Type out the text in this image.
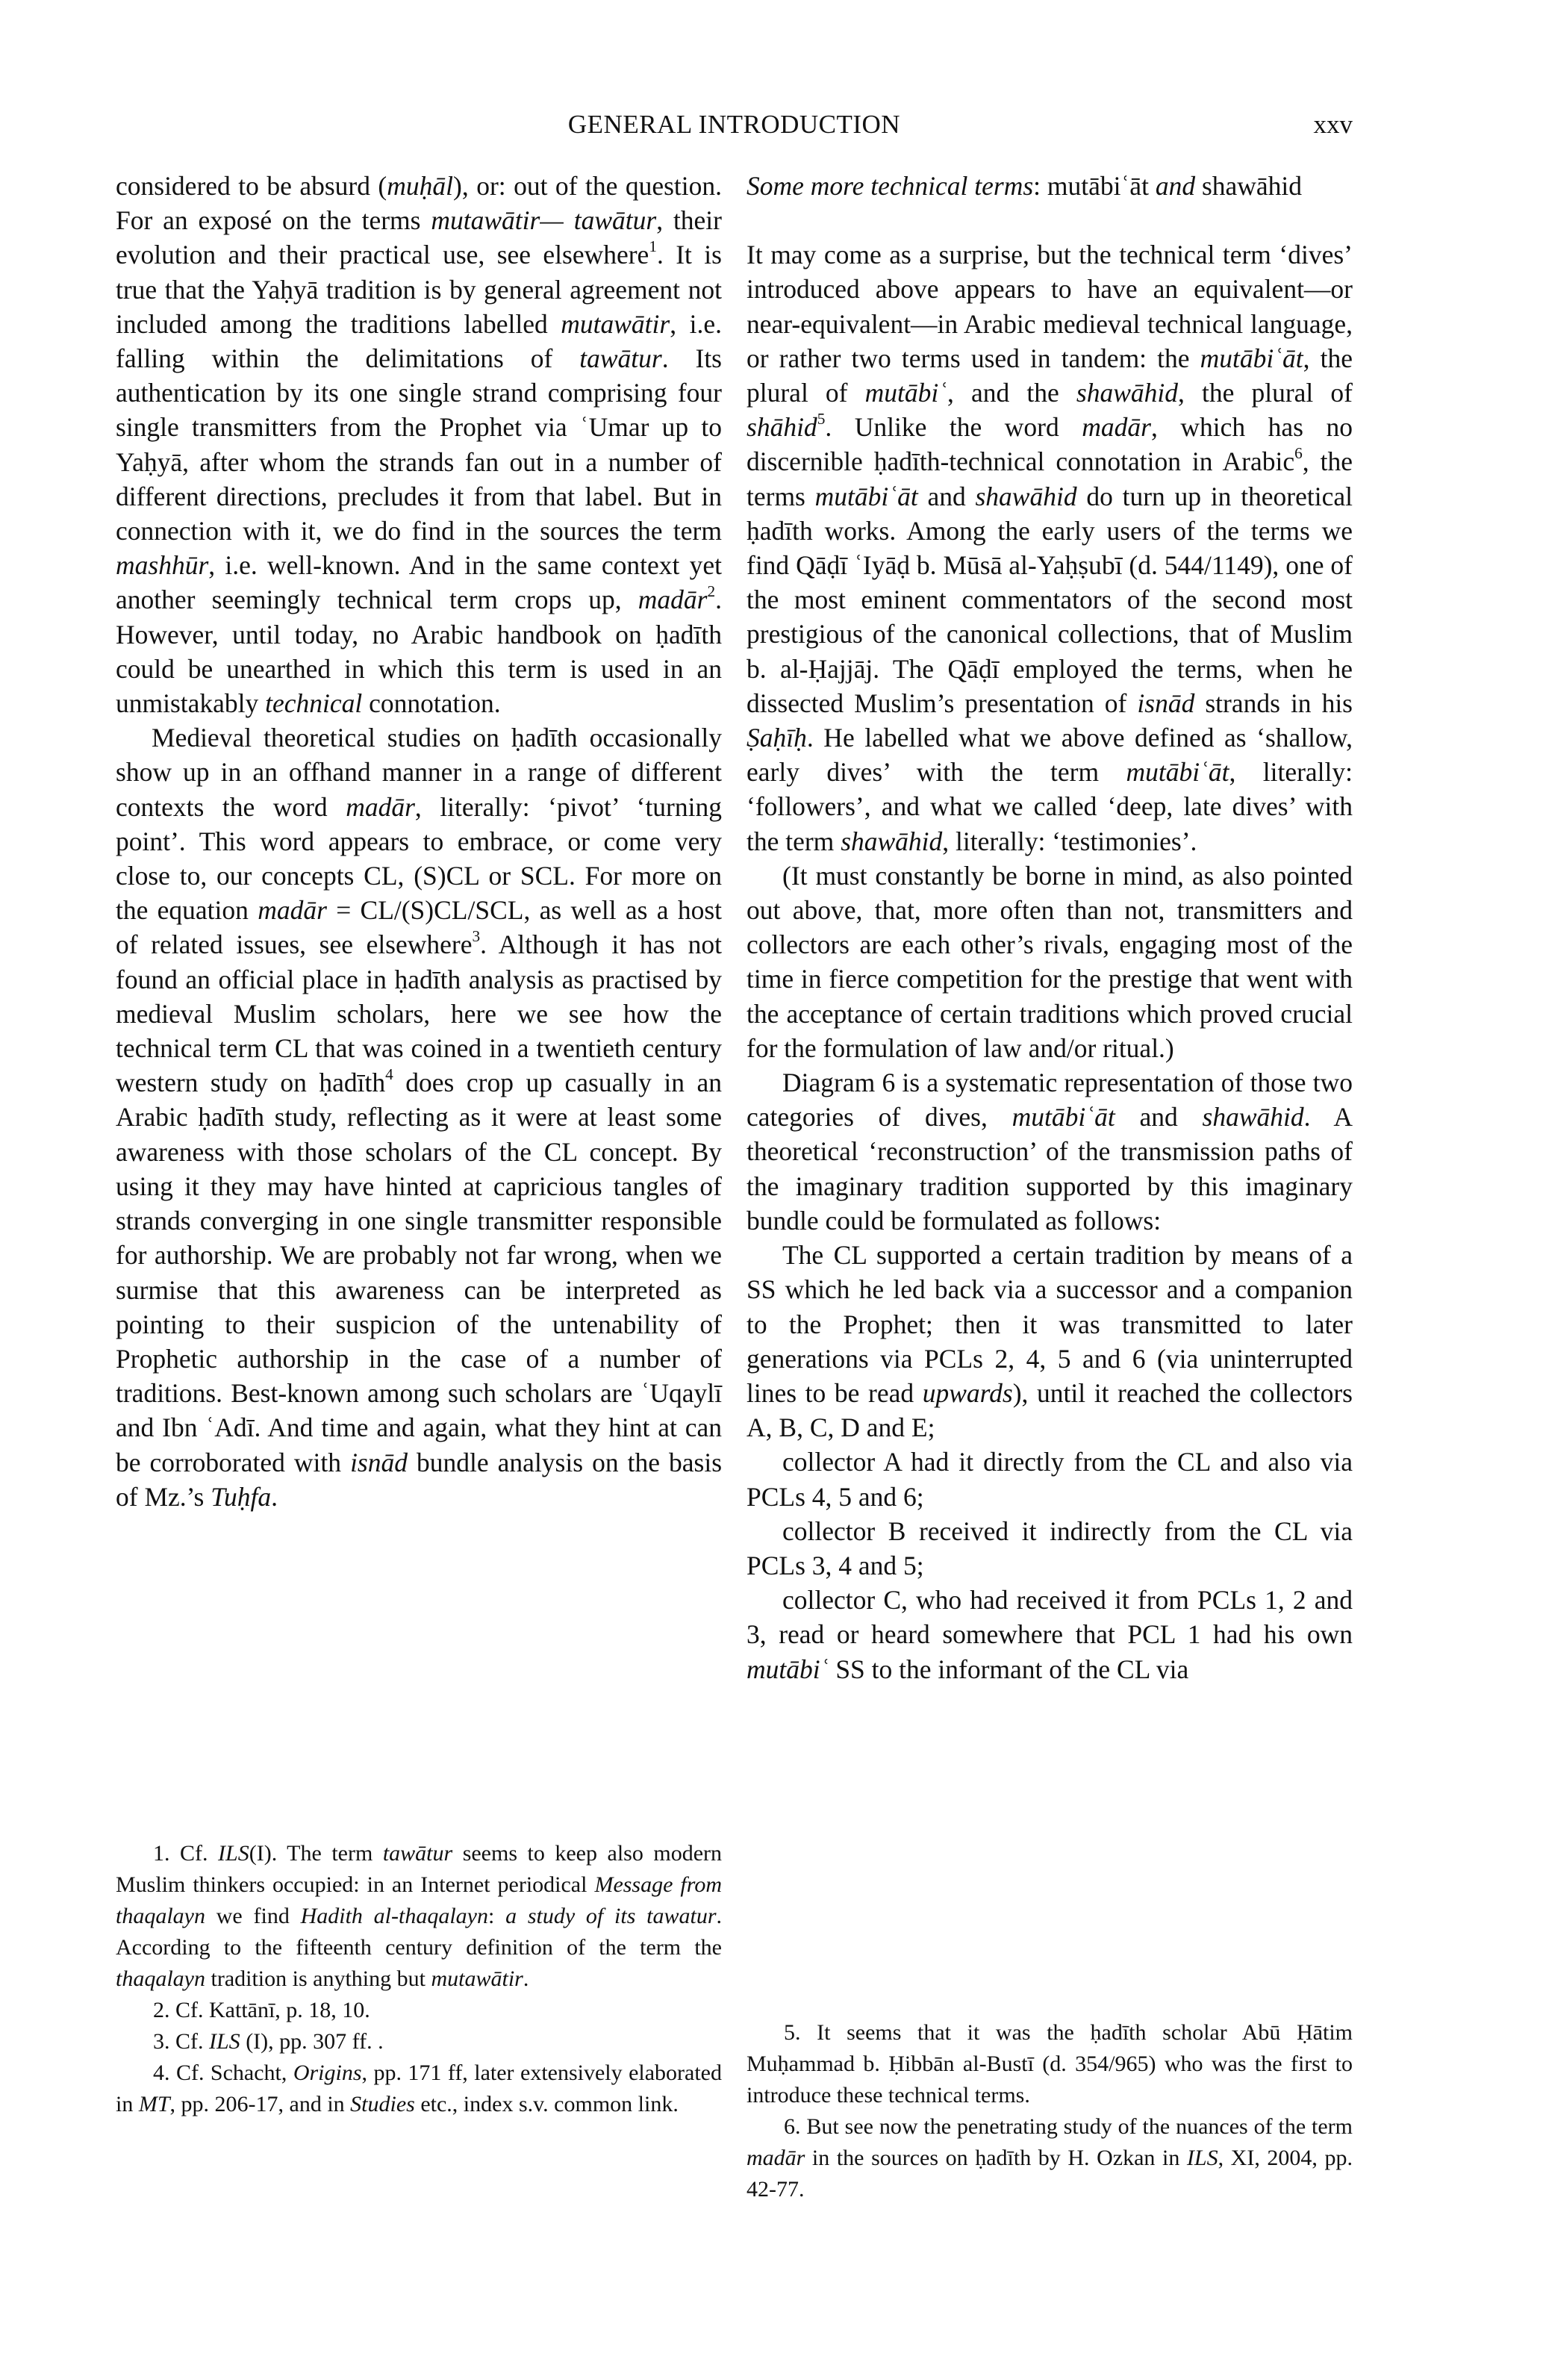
GENERAL INTRODUCTION	xxv

considered to be absurd (muḥāl), or: out of the question. For an exposé on the terms mutawātir— tawātur, their evolution and their practical use, see elsewhere$^1$. It is true that the Yaḥyā tradition is by general agreement not included among the traditions labelled mutawātir, i.e. falling within the delimitations of tawātur. Its authentication by its one single strand comprising four single transmitters from the Prophet via ʿUmar up to Yaḥyā, after whom the strands fan out in a number of different directions, precludes it from that label. But in connection with it, we do find in the sources the term mashhūr, i.e. well-known. And in the same context yet another seemingly technical term crops up, madār$^2$. However, until today, no Arabic handbook on ḥadīth could be unearthed in which this term is used in an unmistakably technical connotation.

Medieval theoretical studies on ḥadīth occasionally show up in an offhand manner in a range of different contexts the word madār, literally: ‘pivot’ ‘turning point’. This word appears to embrace, or come very close to, our concepts CL, (S)CL or SCL. For more on the equation madār = CL/​(S)CL/SCL, as well as a host of related issues, see elsewhere$^3$. Although it has not found an official place in ḥadīth analysis as practised by medieval Muslim scholars, here we see how the technical term CL that was coined in a twentieth century western study on ḥadīth$^4$ does crop up casually in an Arabic ḥadīth study, reflecting as it were at least some awareness with those scholars of the CL concept. By using it they may have hinted at capricious tangles of strands converging in one single transmitter responsible for authorship. We are probably not far wrong, when we surmise that this awareness can be interpreted as pointing to their suspicion of the untenability of Prophetic authorship in the case of a number of traditions. Best-known among such scholars are ʿUqaylī and Ibn ʿAdī. And time and again, what they hint at can be corroborated with isnād bundle analysis on the basis of Mz.’s Tuḥfa.

1. Cf. ILS(I). The term tawātur seems to keep also modern Muslim thinkers occupied: in an Internet periodical Message from thaqalayn we find Hadith al-thaqalayn: a study of its tawatur. According to the fifteenth century definition of the term the thaqalayn tradition is anything but mutawātir.

2. Cf. Kattānī, p. 18, 10.

3. Cf. ILS (I), pp. 307 ff. .

4. Cf. Schacht, Origins, pp. 171 ff, later extensively elaborated in MT, pp. 206-17, and in Studies etc., index s.v. common link.

Some more technical terms: mutābiʿāt and shawāhid

It may come as a surprise, but the technical term ‘dives’ introduced above appears to have an equivalent—or near-equivalent—in Arabic medieval technical language, or rather two terms used in tandem: the mutābiʿāt, the plural of mutābiʿ, and the shawāhid, the plural of shāhid$^5$. Unlike the word madār, which has no discernible ḥadīth-technical connotation in Arabic$^6$, the terms mutābiʿāt and shawāhid do turn up in theoretical ḥadīth works. Among the early users of the terms we find Qāḍī ʿIyāḍ b. Mūsā al-Yaḥṣubī (d. 544/1149), one of the most eminent commentators of the second most prestigious of the canonical collections, that of Muslim b. al-Ḥajjāj. The Qāḍī employed the terms, when he dissected Muslim’s presentation of isnād strands in his Ṣaḥīḥ. He labelled what we above defined as ‘shallow, early dives’ with the term mutābiʿāt, literally: ‘followers’, and what we called ‘deep, late dives’ with the term shawāhid, literally: ‘testimonies’.

(It must constantly be borne in mind, as also pointed out above, that, more often than not, transmitters and collectors are each other’s rivals, engaging most of the time in fierce competition for the prestige that went with the acceptance of certain traditions which proved crucial for the formulation of law and/or ritual.)

Diagram 6 is a systematic representation of those two categories of dives, mutābiʿāt and shawāhid. A theoretical ‘reconstruction’ of the transmission paths of the imaginary tradition supported by this imaginary bundle could be formulated as follows:

The CL supported a certain tradition by means of a SS which he led back via a successor and a companion to the Prophet; then it was transmitted to later generations via PCLs 2, 4, 5 and 6 (via uninterrupted lines to be read upwards), until it reached the collectors A, B, C, D and E;

collector A had it directly from the CL and also via PCLs 4, 5 and 6;

collector B received it indirectly from the CL via PCLs 3, 4 and 5;

collector C, who had received it from PCLs 1, 2 and 3, read or heard somewhere that PCL 1 had his own mutābiʿ SS to the informant of the CL via

5. It seems that it was the ḥadīth scholar Abū Ḥātim Muḥammad b. Ḥibbān al-Bustī (d. 354/965) who was the first to introduce these technical terms.

6. But see now the penetrating study of the nuances of the term madār in the sources on ḥadīth by H. Ozkan in ILS, XI, 2004, pp. 42-77.
